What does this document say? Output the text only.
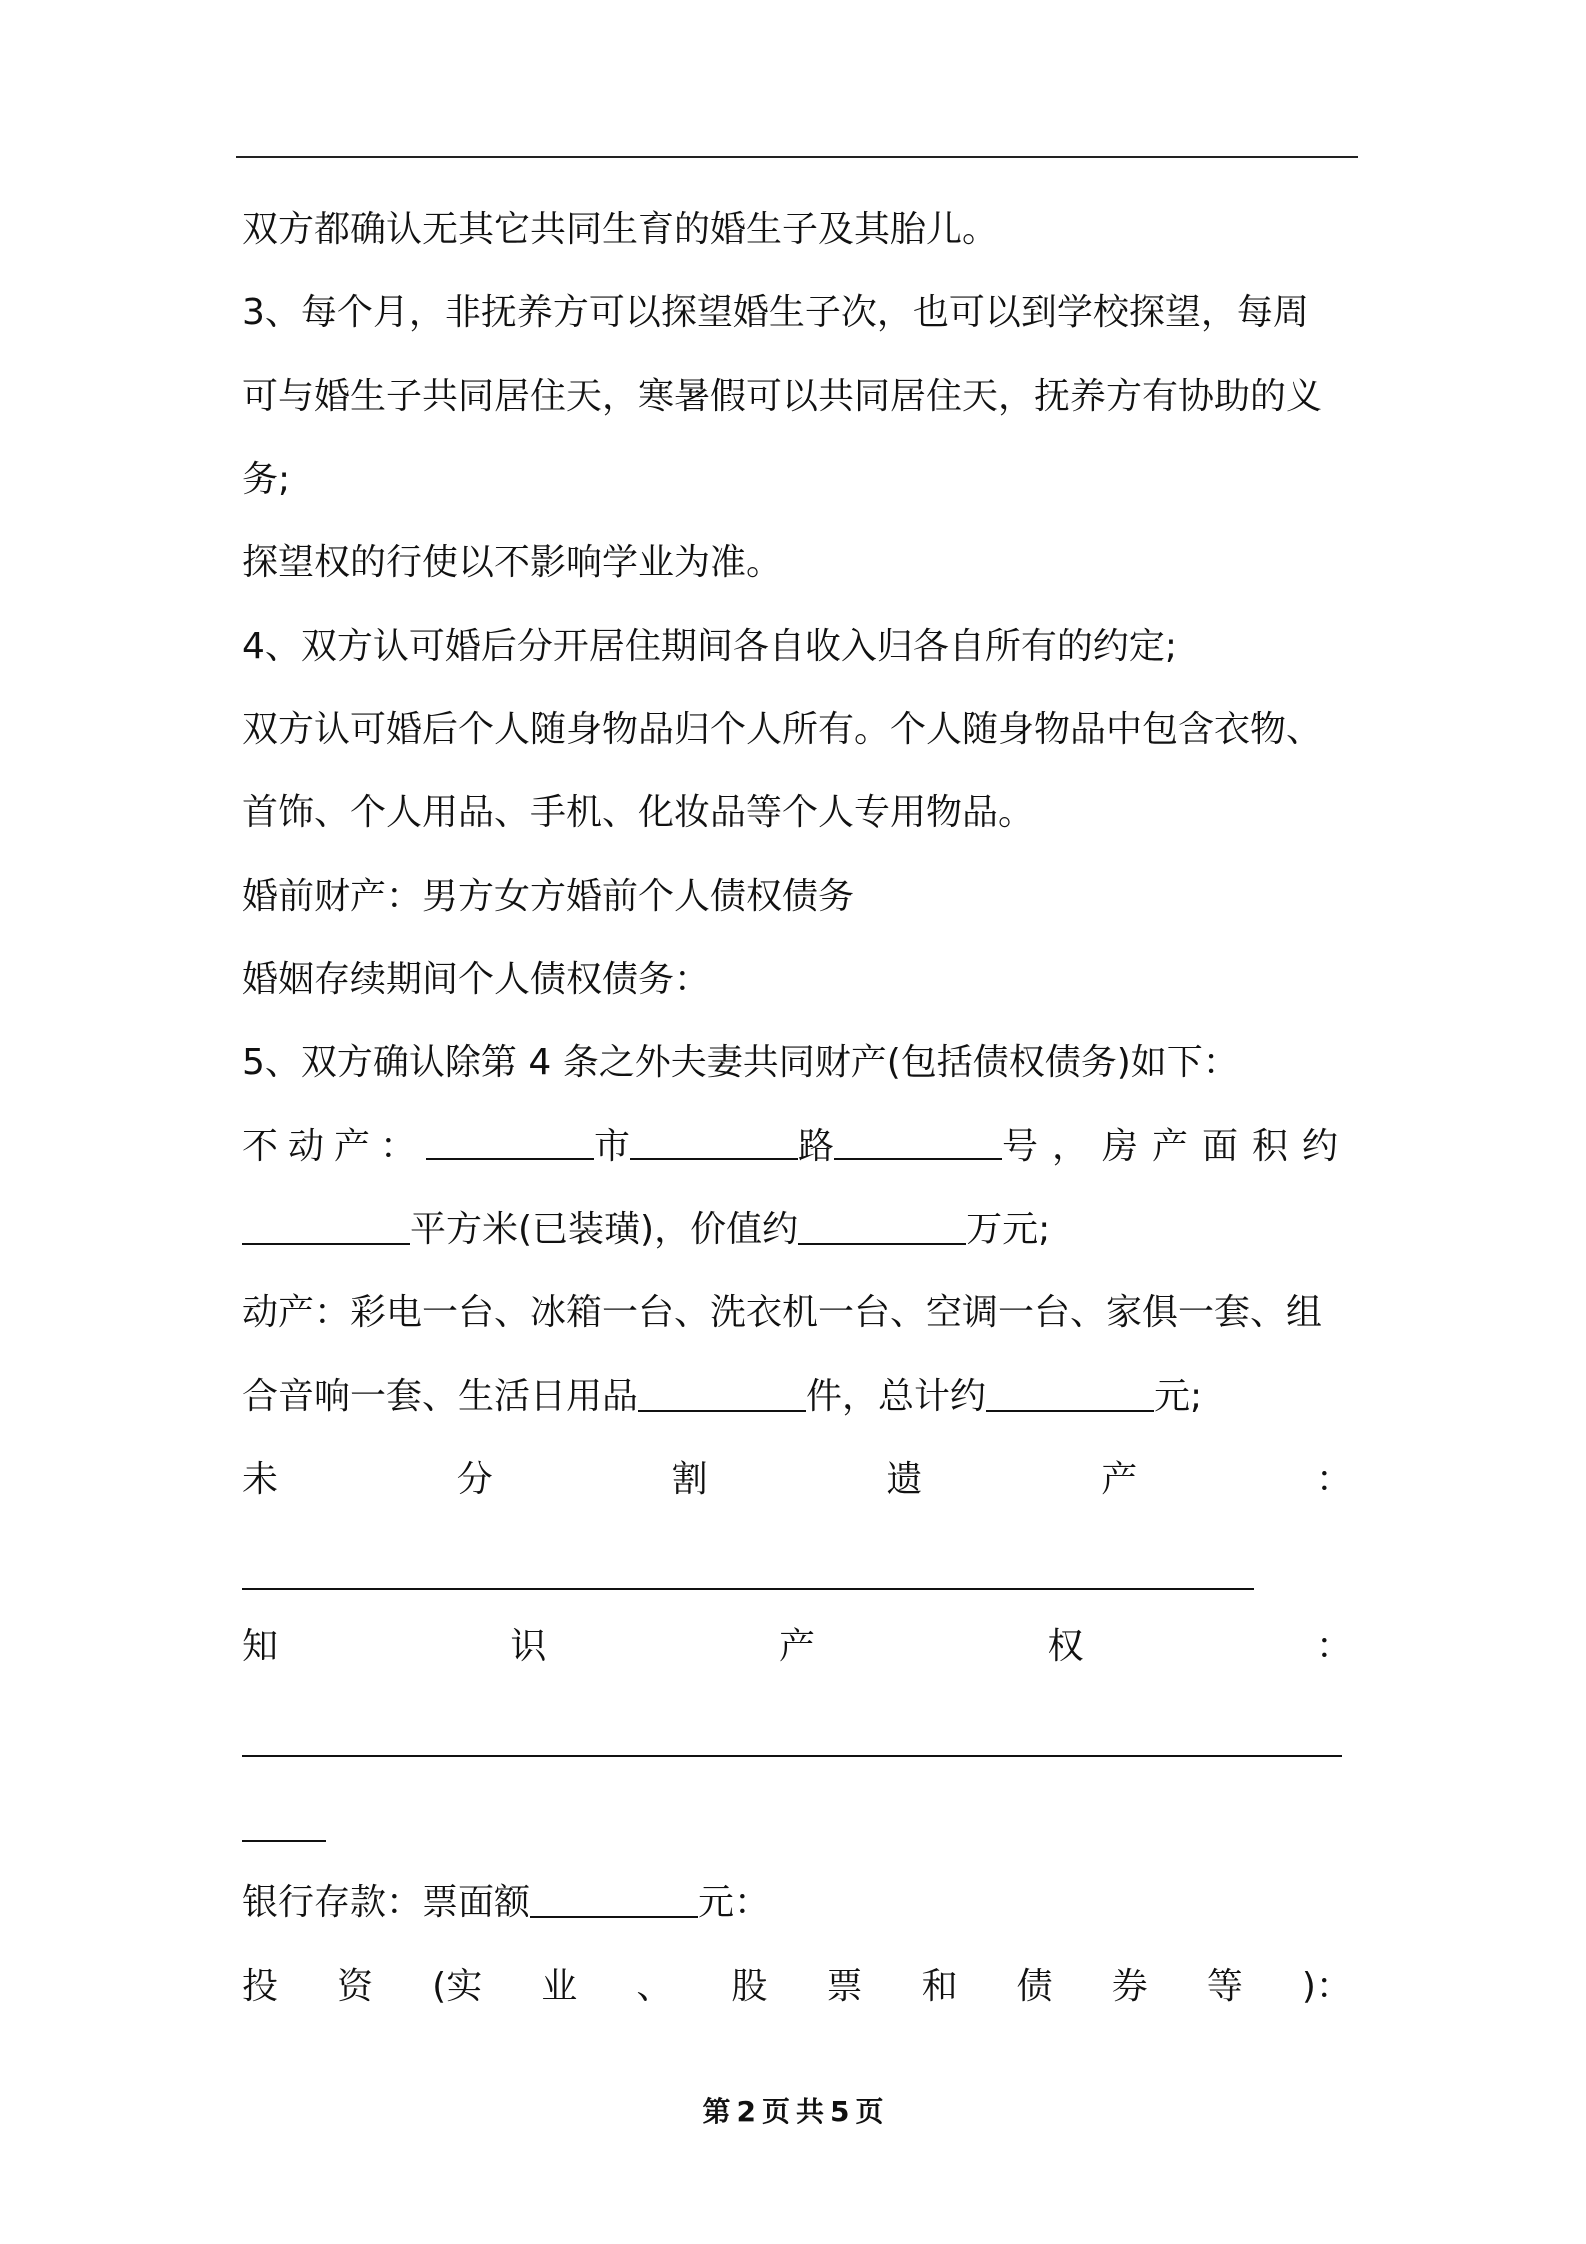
双方都确认无其它共同生育的婚生子及其胎儿。
3、每个月，非抚养方可以探望婚生子次，也可以到学校探望，每周
可与婚生子共同居住天，寒暑假可以共同居住天，抚养方有协助的义
务;
探望权的行使以不影响学业为准。
4、双方认可婚后分开居住期间各自收入归各自所有的约定;
双方认可婚后个人随身物品归个人所有。个人随身物品中包含衣物、
首饰、个人用品、手机、化妆品等个人专用物品。
婚前财产：男方女方婚前个人债权债务
婚姻存续期间个人债权债务：
5、双方确认除第 4 条之外夫妻共同财产(包括债权债务)如下：
不动产：	市	路	号，房产面积约
平方米(已装璜)，价值约	万元;
动产：彩电一台、冰箱一台、洗衣机一台、空调一台、家俱一套、组
合音响一套、生活日用品	件，总计约	元;
未	分	割	遗	产	：
知	识	产	权	：
银行存款：票面额	元：
投 资 (实 业 、 股 票 和 债 券 等 )：
第 2 页 共 5 页
